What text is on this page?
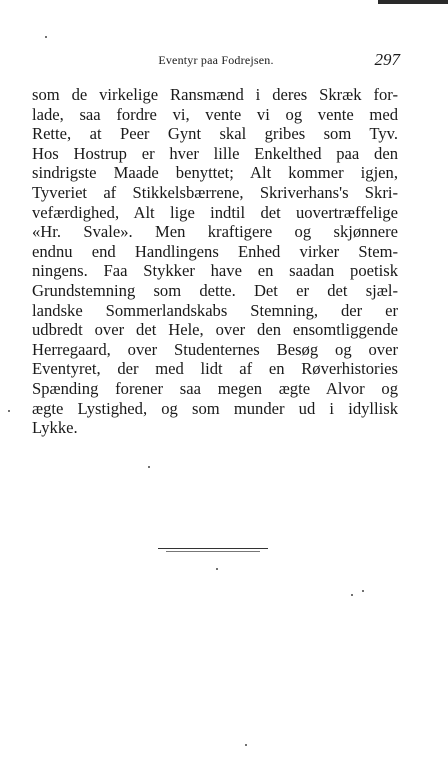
Eventyr paa Fodrejsen.	297
som de virkelige Ransmænd i deres Skræk for-
lade, saa fordre vi, vente vi og vente med
Rette, at Peer Gynt skal gribes som Tyv.
Hos Hostrup er hver lille Enkelthed paa den
sindrigste Maade benyttet; Alt kommer igjen,
Tyveriet af Stikkelsbærrene, Skriverhans's Skri-
vefærdighed, Alt lige indtil det uovertræffelige
«Hr. Svale». Men kraftigere og skjønnere
endnu end Handlingens Enhed virker Stem-
ningens. Faa Stykker have en saadan poetisk
Grundstemning som dette. Det er det sjæl-
landske Sommerlandskabs Stemning, der er
udbredt over det Hele, over den ensomtliggende
Herregaard, over Studenternes Besøg og over
Eventyret, der med lidt af en Røverhistories
Spænding forener saa megen ægte Alvor og
ægte Lystighed, og som munder ud i idyllisk
Lykke.
